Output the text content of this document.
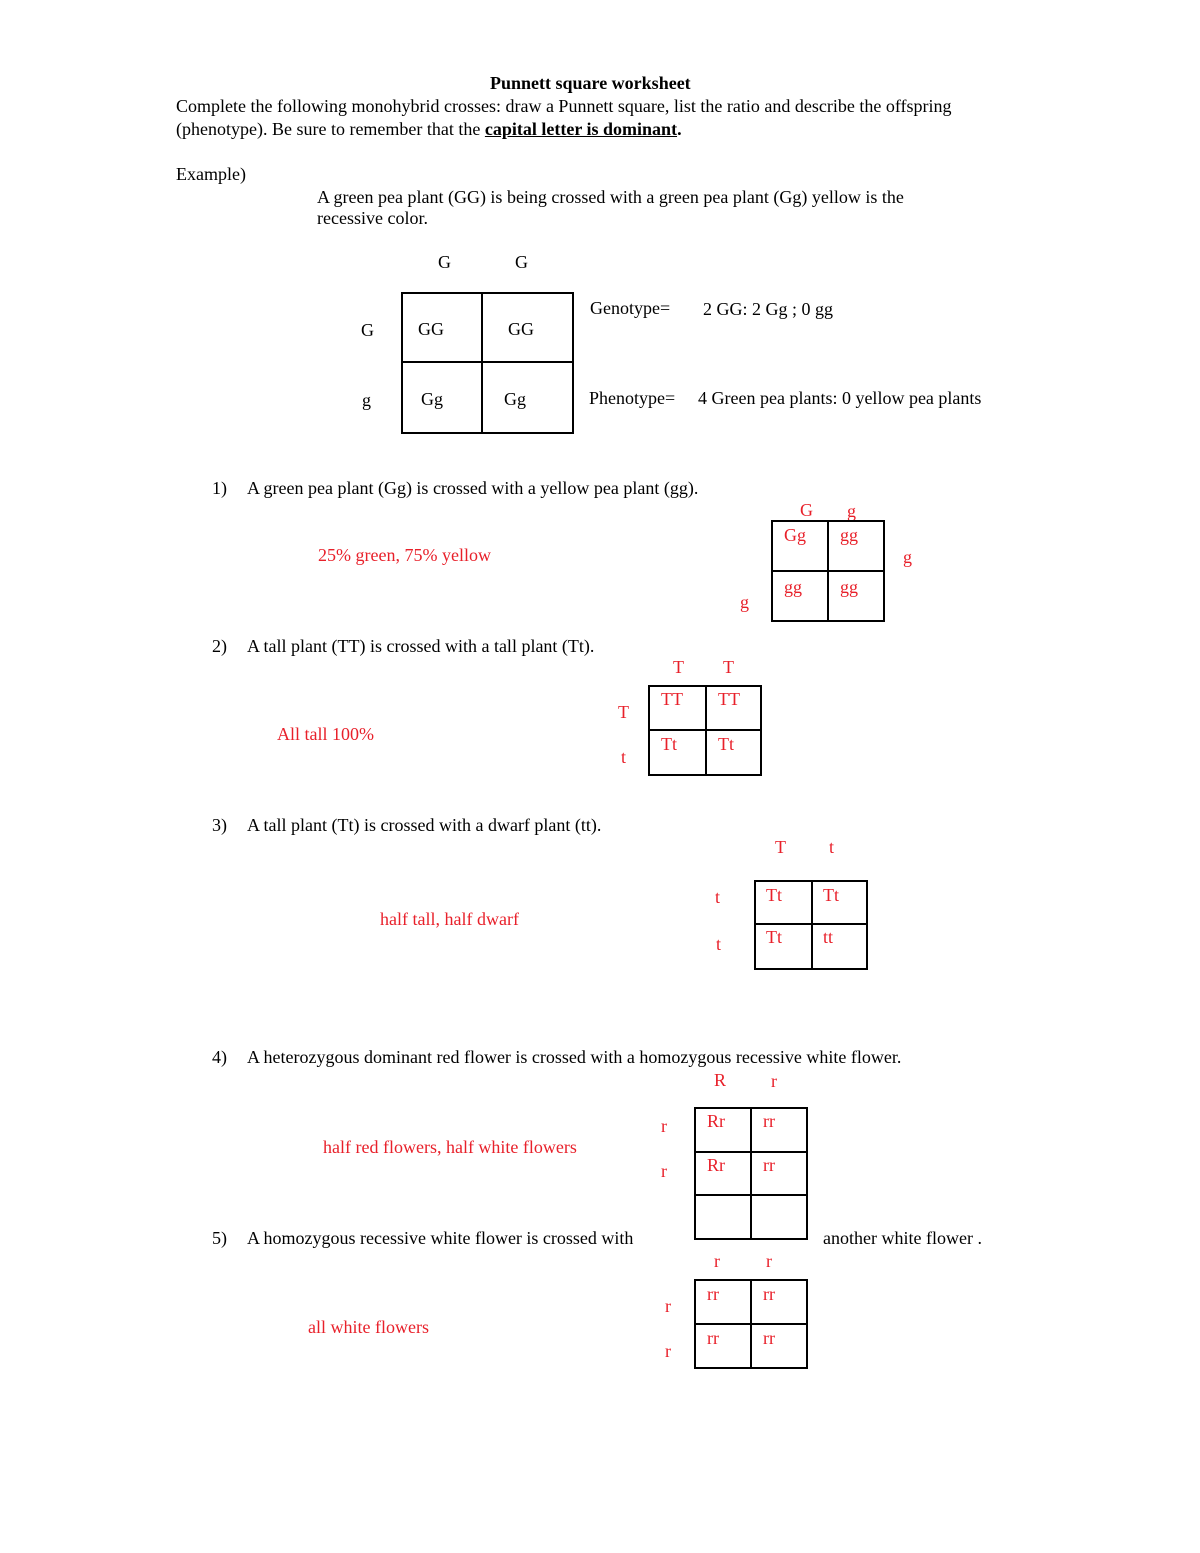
Punnett square worksheet
Complete the following monohybrid crosses: draw a Punnett square, list the ratio and describe the offspring
(phenotype). Be sure to remember that the capital letter is dominant.
Example)
A green pea plant (GG) is being crossed with a green pea plant (Gg) yellow is the
recessive color.
G	G
G
g
GG	GG
Gg	Gg
Genotype= 2 GG: 2 Gg ; 0 gg
Phenotype= 4 Green pea plants: 0 yellow pea plants
1) A green pea plant (Gg) is crossed with a yellow pea plant (gg).
25% green, 75% yellow
G g
g
g
Gg gg
gg gg
2) A tall plant (TT) is crossed with a tall plant (Tt).
All tall 100%
T T
T
t
TT TT
Tt Tt
3) A tall plant (Tt) is crossed with a dwarf plant (tt).
half tall, half dwarf
T t
t
t
Tt Tt
Tt tt
4) A heterozygous dominant red flower is crossed with a homozygous recessive white flower.
half red flowers, half white flowers
R r
r
r
Rr rr
Rr rr
5) A homozygous recessive white flower is crossed with	another white flower .
all white flowers
r	r
r
r
rr rr
rr rr
